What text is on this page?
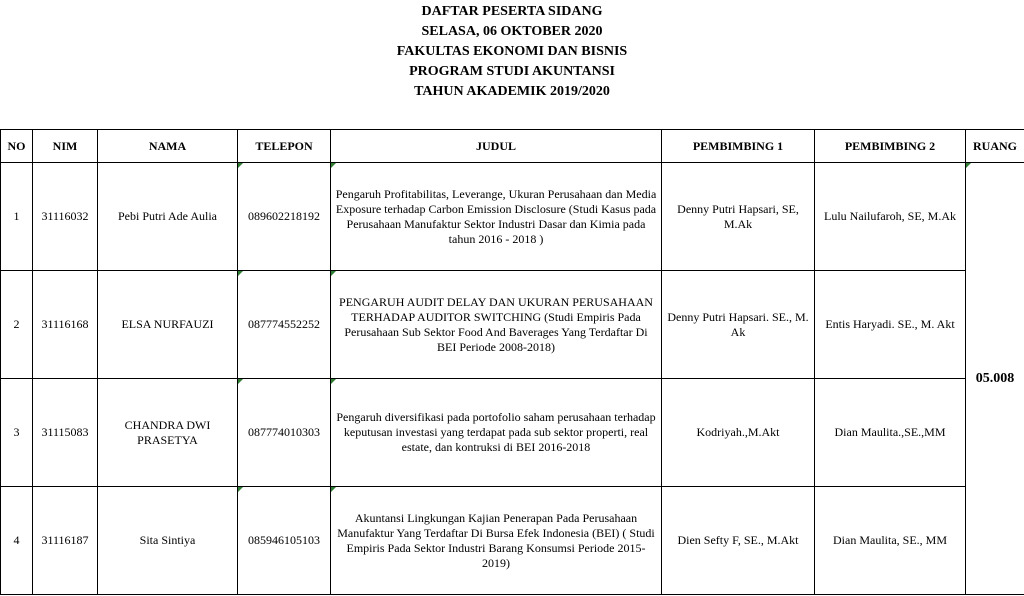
DAFTAR PESERTA SIDANG
SELASA, 06 OKTOBER 2020
FAKULTAS EKONOMI DAN BISNIS
PROGRAM STUDI AKUNTANSI
TAHUN AKADEMIK 2019/2020
NO	NIM	NAMA	TELEPON	JUDUL	PEMBIMBING 1	PEMBIMBING 2	RUANG
1	31116032	Pebi Putri Ade Aulia	089602218192	Pengaruh Profitabilitas, Leverange, Ukuran Perusahaan dan Media Exposure terhadap Carbon Emission Disclosure (Studi Kasus pada Perusahaan Manufaktur Sektor Industri Dasar dan Kimia pada tahun 2016 - 2018 )	Denny Putri Hapsari, SE, M.Ak	Lulu Nailufaroh, SE, M.Ak	05.008
2	31116168	ELSA NURFAUZI	087774552252	PENGARUH AUDIT DELAY DAN UKURAN PERUSAHAAN TERHADAP AUDITOR SWITCHING (Studi Empiris Pada Perusahaan Sub Sektor Food And Baverages Yang Terdaftar Di BEI Periode 2008-2018)	Denny Putri Hapsari. SE., M. Ak	Entis Haryadi. SE., M. Akt	
3	31115083	CHANDRA DWI PRASETYA	087774010303	Pengaruh diversifikasi pada portofolio saham perusahaan terhadap keputusan investasi yang terdapat pada sub sektor properti, real estate, dan kontruksi di BEI 2016-2018	Kodriyah.,M.Akt	Dian Maulita.,SE.,MM	
4	31116187	Sita Sintiya	085946105103	Akuntansi Lingkungan Kajian Penerapan Pada Perusahaan Manufaktur Yang Terdaftar Di Bursa Efek Indonesia (BEI) ( Studi Empiris Pada Sektor Industri Barang Konsumsi Periode 2015-2019)	Dien Sefty F, SE., M.Akt	Dian Maulita, SE., MM	
